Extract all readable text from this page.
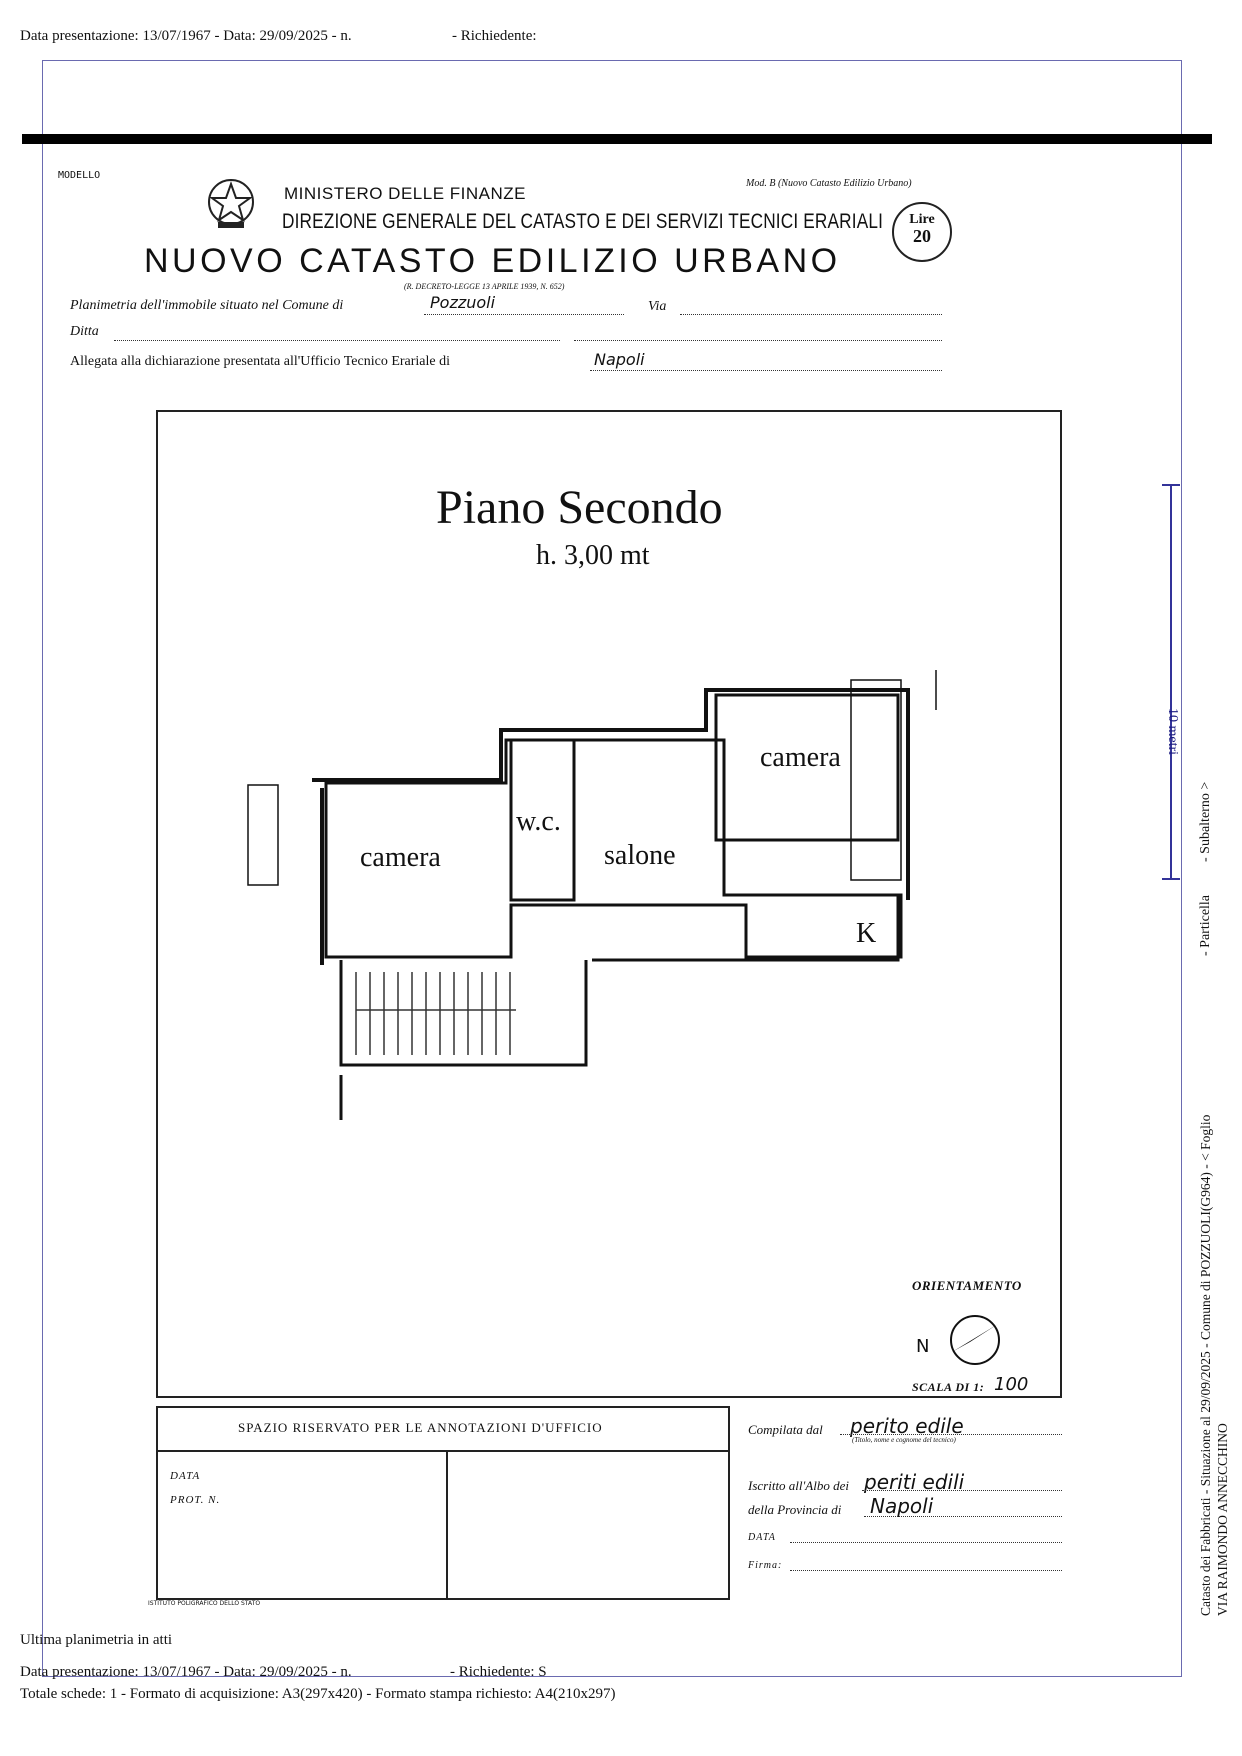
Data presentazione: 13/07/1967 - Data: 29/09/2025 - n.	- Richiedente:
MODELLO
MINISTERO DELLE FINANZE
DIREZIONE GENERALE DEL CATASTO E DEI SERVIZI TECNICI ERARIALI
NUOVO CATASTO EDILIZIO URBANO
(R. DECRETO-LEGGE 13 APRILE 1939, N. 652)
Mod. B (Nuovo Catasto Edilizio Urbano)
Lire
20
Planimetria dell'immobile situato nel Comune di	Pozzuoli	Via
Ditta
Allegata alla dichiarazione presentata all'Ufficio Tecnico Erariale di	Napoli
Piano Secondo
h. 3,00 mt
camera
w.c.
salone
camera
K
ORIENTAMENTO
N
SCALA DI 1: 100
SPAZIO RISERVATO PER LE ANNOTAZIONI D'UFFICIO
DATA
PROT. N.
ISTITUTO POLIGRAFICO DELLO STATO
Compilata dal perito edile
(Titolo, nome e cognome del tecnico)
Iscritto all'Albo dei periti edili
della Provincia di Napoli
DATA
Firma:
10 metri
- Subalterno >
- Particella
Catasto dei Fabbricati - Situazione al 29/09/2025 - Comune di POZZUOLI(G964) - < Foglio VIA RAIMONDO ANNECCHINO
Ultima planimetria in atti
Data presentazione: 13/07/1967 - Data: 29/09/2025 - n.	- Richiedente: S
Totale schede: 1 - Formato di acquisizione: A3(297x420) - Formato stampa richiesto: A4(210x297)
